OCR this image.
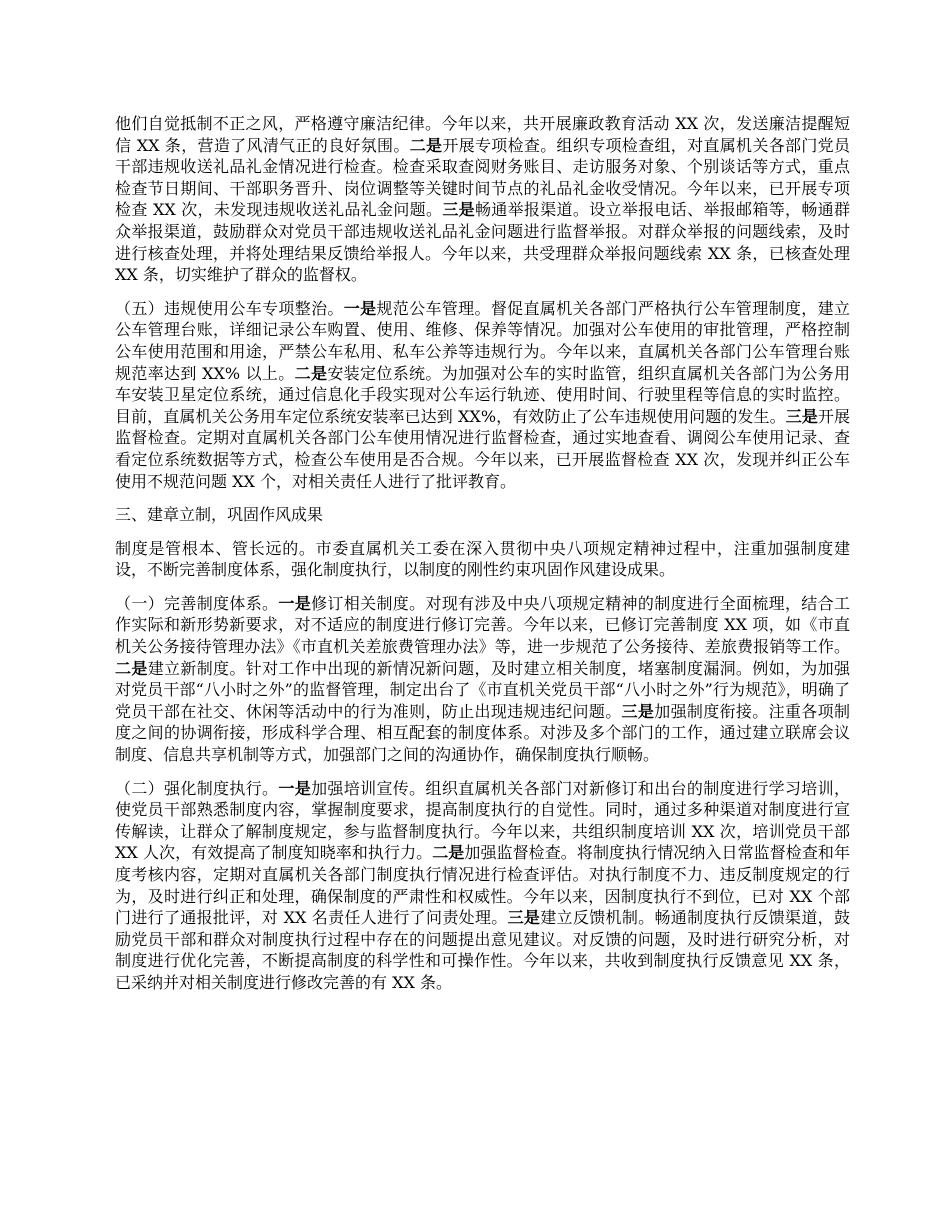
他们自觉抵制不正之风，严格遵守廉洁纪律。今年以来，共开展廉政教育活动 XX 次，发送廉洁提醒短信 XX 条，营造了风清气正的良好氛围。二是开展专项检查。组织专项检查组，对直属机关各部门党员干部违规收送礼品礼金情况进行检查。检查采取查阅财务账目、走访服务对象、个别谈话等方式，重点检查节日期间、干部职务晋升、岗位调整等关键时间节点的礼品礼金收受情况。今年以来，已开展专项检查 XX 次，未发现违规收送礼品礼金问题。三是畅通举报渠道。设立举报电话、举报邮箱等，畅通群众举报渠道，鼓励群众对党员干部违规收送礼品礼金问题进行监督举报。对群众举报的问题线索，及时进行核查处理，并将处理结果反馈给举报人。今年以来，共受理群众举报问题线索 XX 条，已核查处理 XX 条，切实维护了群众的监督权。

（五）违规使用公车专项整治。一是规范公车管理。督促直属机关各部门严格执行公车管理制度，建立公车管理台账，详细记录公车购置、使用、维修、保养等情况。加强对公车使用的审批管理，严格控制公车使用范围和用途，严禁公车私用、私车公养等违规行为。今年以来，直属机关各部门公车管理台账规范率达到 XX% 以上。二是安装定位系统。为加强对公车的实时监管，组织直属机关各部门为公务用车安装卫星定位系统，通过信息化手段实现对公车运行轨迹、使用时间、行驶里程等信息的实时监控。目前，直属机关公务用车定位系统安装率已达到 XX%，有效防止了公车违规使用问题的发生。三是开展监督检查。定期对直属机关各部门公车使用情况进行监督检查，通过实地查看、调阅公车使用记录、查看定位系统数据等方式，检查公车使用是否合规。今年以来，已开展监督检查 XX 次，发现并纠正公车使用不规范问题 XX 个，对相关责任人进行了批评教育。

三、建章立制，巩固作风成果

制度是管根本、管长远的。市委直属机关工委在深入贯彻中央八项规定精神过程中，注重加强制度建设，不断完善制度体系，强化制度执行，以制度的刚性约束巩固作风建设成果。

（一）完善制度体系。一是修订相关制度。对现有涉及中央八项规定精神的制度进行全面梳理，结合工作实际和新形势新要求，对不适应的制度进行修订完善。今年以来，已修订完善制度 XX 项，如《市直机关公务接待管理办法》《市直机关差旅费管理办法》等，进一步规范了公务接待、差旅费报销等工作。二是建立新制度。针对工作中出现的新情况新问题，及时建立相关制度，堵塞制度漏洞。例如，为加强对党员干部“八小时之外”的监督管理，制定出台了《市直机关党员干部“八小时之外”行为规范》，明确了党员干部在社交、休闲等活动中的行为准则，防止出现违规违纪问题。三是加强制度衔接。注重各项制度之间的协调衔接，形成科学合理、相互配套的制度体系。对涉及多个部门的工作，通过建立联席会议制度、信息共享机制等方式，加强部门之间的沟通协作，确保制度执行顺畅。

（二）强化制度执行。一是加强培训宣传。组织直属机关各部门对新修订和出台的制度进行学习培训，使党员干部熟悉制度内容，掌握制度要求，提高制度执行的自觉性。同时，通过多种渠道对制度进行宣传解读，让群众了解制度规定，参与监督制度执行。今年以来，共组织制度培训 XX 次，培训党员干部 XX 人次，有效提高了制度知晓率和执行力。二是加强监督检查。将制度执行情况纳入日常监督检查和年度考核内容，定期对直属机关各部门制度执行情况进行检查评估。对执行制度不力、违反制度规定的行为，及时进行纠正和处理，确保制度的严肃性和权威性。今年以来，因制度执行不到位，已对 XX 个部门进行了通报批评，对 XX 名责任人进行了问责处理。三是建立反馈机制。畅通制度执行反馈渠道，鼓励党员干部和群众对制度执行过程中存在的问题提出意见建议。对反馈的问题，及时进行研究分析，对制度进行优化完善，不断提高制度的科学性和可操作性。今年以来，共收到制度执行反馈意见 XX 条，已采纳并对相关制度进行修改完善的有 XX 条。
